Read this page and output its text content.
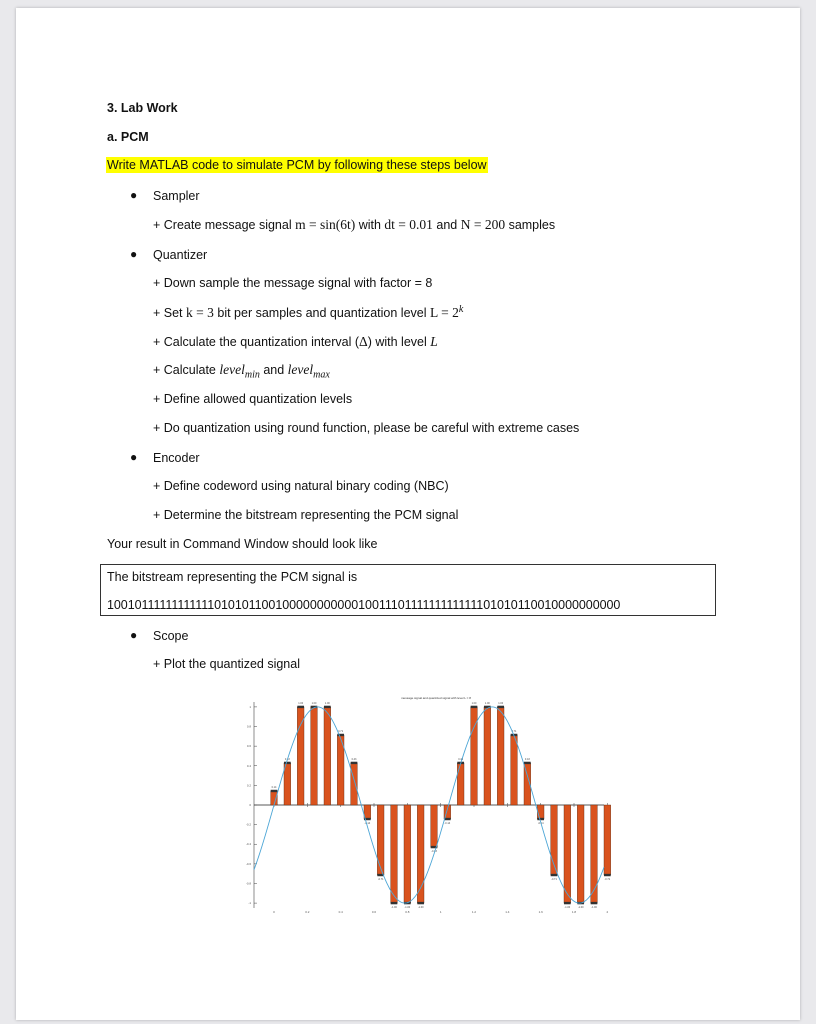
3. Lab Work
a. PCM
Write MATLAB code to simulate PCM by following these steps below
● Sampler
+ Create message signal m = sin(6t) with dt = 0.01 and N = 200 samples
● Quantizer
+ Down sample the message signal with factor = 8
+ Set k = 3 bit per samples and quantization level $L = 2^k$
+ Calculate the quantization interval (Δ) with level L
+ Calculate level$_{min}$ and level$_{max}$
+ Define allowed quantization levels
+ Do quantization using round function, please be careful with extreme cases
● Encoder
+ Define codeword using natural binary coding (NBC)
+ Determine the bitstream representing the PCM signal
Your result in Command Window should look like
The bitstream representing the PCM signal is
100101111111111110101011001000000000001001110111111111111101010110010000000000
● Scope
+ Plot the quantized signal
message signal and quantized signal with level L = 8
1
0.8
0.6
0.4
0.2
0
-0.2
-0.4
-0.6
-0.8
-1
0	0.2	0.4	0.6	0.8	1	1.2	1.4	1.6	1.8	2
0.14
0.43
1.00	1.00	1.00
0.71
0.43
-0.14
-0.71
-1.00	-1.00	-1.00
-0.43
-0.14
0.43
1.00	1.00	1.00
0.71
0.43
-0.14
-0.71
-1.00	-1.00	-1.00
-0.71
